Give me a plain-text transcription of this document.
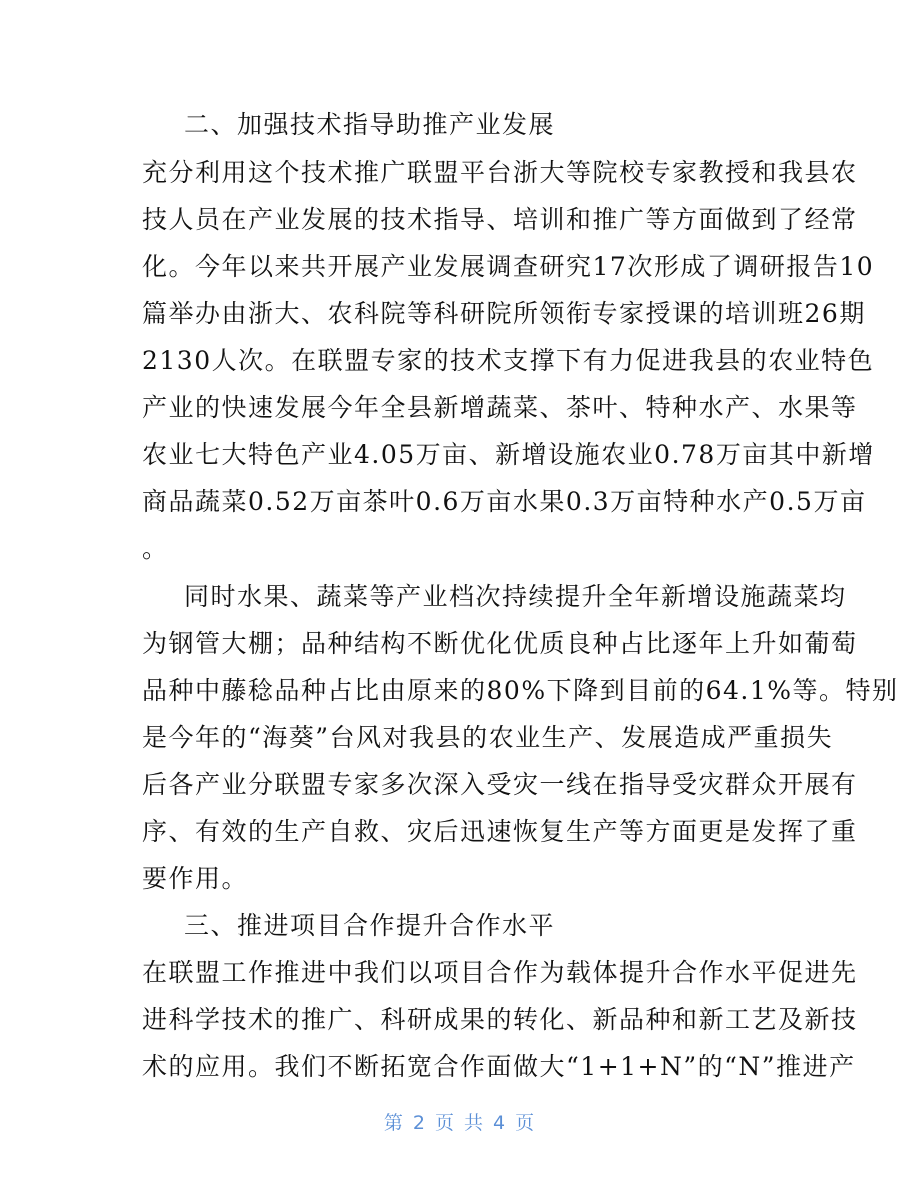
二、加强技术指导助推产业发展
充分利用这个技术推广联盟平台浙大等院校专家教授和我县农
技人员在产业发展的技术指导、培训和推广等方面做到了经常
化。今年以来共开展产业发展调查研究17次形成了调研报告10
篇举办由浙大、农科院等科研院所领衔专家授课的培训班26期
2130人次。在联盟专家的技术支撑下有力促进我县的农业特色
产业的快速发展今年全县新增蔬菜、茶叶、特种水产、水果等
农业七大特色产业4.05万亩、新增设施农业0.78万亩其中新增
商品蔬菜0.52万亩茶叶0.6万亩水果0.3万亩特种水产0.5万亩
。
同时水果、蔬菜等产业档次持续提升全年新增设施蔬菜均
为钢管大棚；品种结构不断优化优质良种占比逐年上升如葡萄
品种中藤稔品种占比由原来的80%下降到目前的64.1%等。特别
是今年的“海葵”台风对我县的农业生产、发展造成严重损失
后各产业分联盟专家多次深入受灾一线在指导受灾群众开展有
序、有效的生产自救、灾后迅速恢复生产等方面更是发挥了重
要作用。
三、推进项目合作提升合作水平
在联盟工作推进中我们以项目合作为载体提升合作水平促进先
进科学技术的推广、科研成果的转化、新品种和新工艺及新技
术的应用。我们不断拓宽合作面做大“1+1+N”的“N”推进产
第 2 页 共 4 页
